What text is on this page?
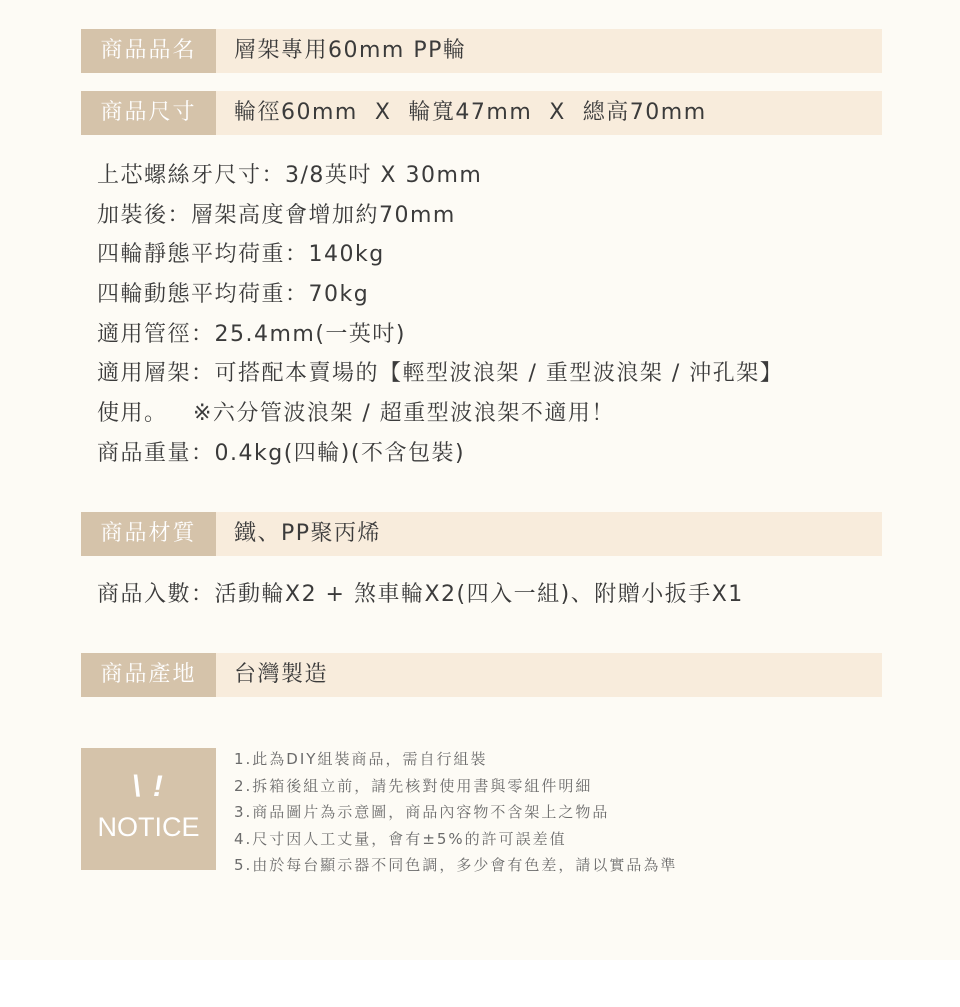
商品品名	層架專用60mm PP輪
商品尺寸	輪徑60mm  X  輪寬47mm  X  總高70mm
上芯螺絲牙尺寸：3/8英吋 X 30mm
加裝後：層架高度會增加約70mm
四輪靜態平均荷重：140kg
四輪動態平均荷重：70kg
適用管徑：25.4mm(一英吋)
適用層架：可搭配本賣場的【輕型波浪架 / 重型波浪架 / 沖孔架】
使用。   ※六分管波浪架 / 超重型波浪架不適用！
商品重量：0.4kg(四輪)(不含包裝)
商品材質	鐵、PP聚丙烯
商品入數：活動輪X2 + 煞車輪X2(四入一組)、附贈小扳手X1
商品產地	台灣製造
\ !
NOTICE
1.此為DIY組裝商品，需自行組裝
2.拆箱後組立前，請先核對使用書與零組件明細
3.商品圖片為示意圖，商品內容物不含架上之物品
4.尺寸因人工丈量，會有±5%的許可誤差值
5.由於每台顯示器不同色調，多少會有色差，請以實品為準
